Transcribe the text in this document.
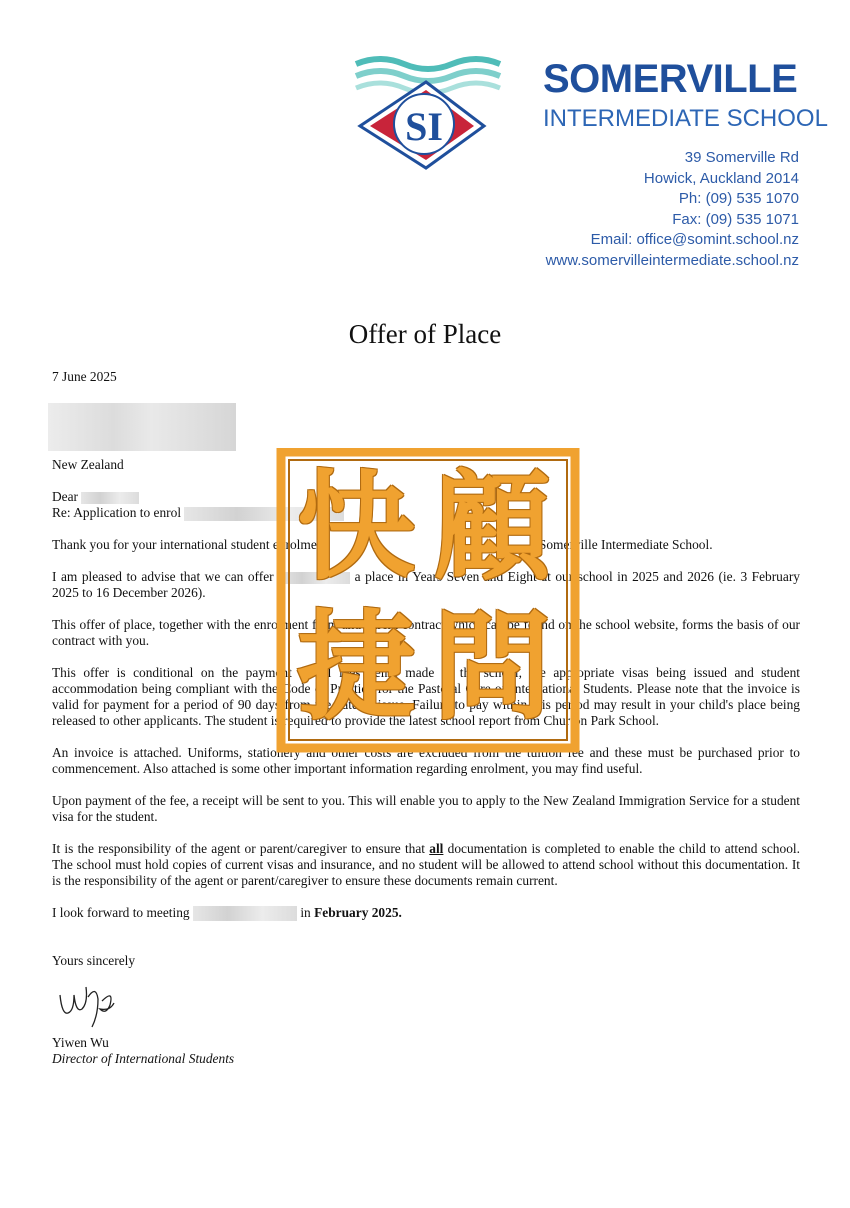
SI
SOMERVILLE
INTERMEDIATE SCHOOL
39 Somerville Rd
Howick, Auckland 2014
Ph: (09) 535 1070
Fax: (09) 535 1071
Email: office@somint.school.nz
www.somervilleintermediate.school.nz
Offer of Place

7 June 2025

New Zealand

Dear

Re: Application to enrol

Thank you for your international student enrolment	Somerville Intermediate School.

I am pleased to advise that we can offer	a place in Years Seven and Eight at our school in 2025 and 2026 (ie. 3 February 2025 to 16 December 2026).

This offer of place, together with the enrolment form and parent contract which can be found on the school website, forms the basis of our contract with you.

This offer is conditional on the payment of all fees being made to the school, the appropriate visas being issued and student accommodation being compliant with the Code of Practice for the Pastoral Care of International Students. Please note that the invoice is valid for payment for a period of 90 days from the date of issue. Failure to pay within this period may result in your child's place being released to other applicants. The student is required to provide the latest school report from Churton Park School.

An invoice is attached. Uniforms, stationery and other costs are excluded from the tuition fee and these must be purchased prior to commencement. Also attached is some other important information regarding enrolment, you may find useful.

Upon payment of the fee, a receipt will be sent to you. This will enable you to apply to the New Zealand Immigration Service for a student visa for the student.

It is the responsibility of the agent or parent/caregiver to ensure that all documentation is completed to enable the child to attend school. The school must hold copies of current visas and insurance, and no student will be allowed to attend school without this documentation. It is the responsibility of the agent or parent/caregiver to ensure these documents remain current.

I look forward to meeting	in February 2025.

Yours sincerely

Yiwen Wu

Director of International Students

快 顧
捷 問
